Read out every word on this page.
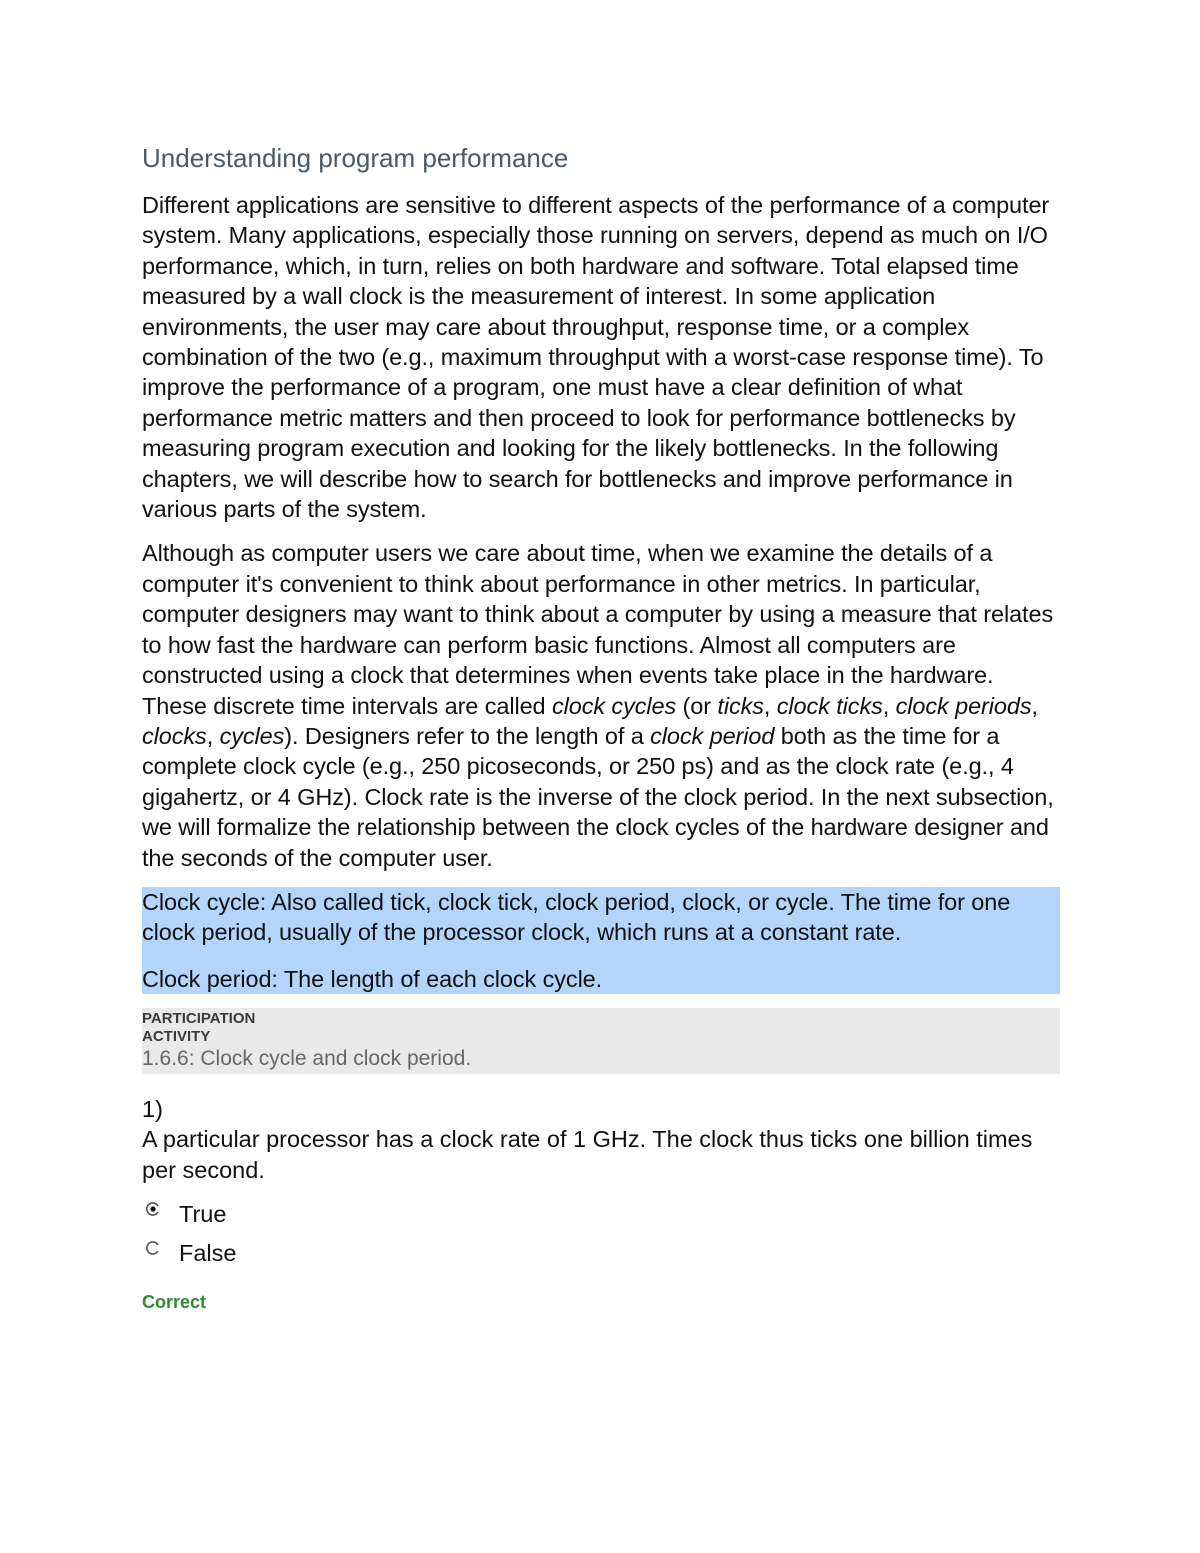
Understanding program performance

Different applications are sensitive to different aspects of the performance of a computer system. Many applications, especially those running on servers, depend as much on I/O performance, which, in turn, relies on both hardware and software. Total elapsed time measured by a wall clock is the measurement of interest. In some application environments, the user may care about throughput, response time, or a complex combination of the two (e.g., maximum throughput with a worst-case response time). To improve the performance of a program, one must have a clear definition of what performance metric matters and then proceed to look for performance bottlenecks by measuring program execution and looking for the likely bottlenecks. In the following chapters, we will describe how to search for bottlenecks and improve performance in various parts of the system.

Although as computer users we care about time, when we examine the details of a computer it's convenient to think about performance in other metrics. In particular, computer designers may want to think about a computer by using a measure that relates to how fast the hardware can perform basic functions. Almost all computers are constructed using a clock that determines when events take place in the hardware. These discrete time intervals are called clock cycles (or ticks, clock ticks, clock periods, clocks, cycles). Designers refer to the length of a clock period both as the time for a complete clock cycle (e.g., 250 picoseconds, or 250 ps) and as the clock rate (e.g., 4 gigahertz, or 4 GHz). Clock rate is the inverse of the clock period. In the next subsection, we will formalize the relationship between the clock cycles of the hardware designer and the seconds of the computer user.

Clock cycle: Also called tick, clock tick, clock period, clock, or cycle. The time for one clock period, usually of the processor clock, which runs at a constant rate.

Clock period: The length of each clock cycle.

PARTICIPATION
ACTIVITY

1.6.6: Clock cycle and clock period.

1)

A particular processor has a clock rate of 1 GHz. The clock thus ticks one billion times per second.

True
False
Correct
